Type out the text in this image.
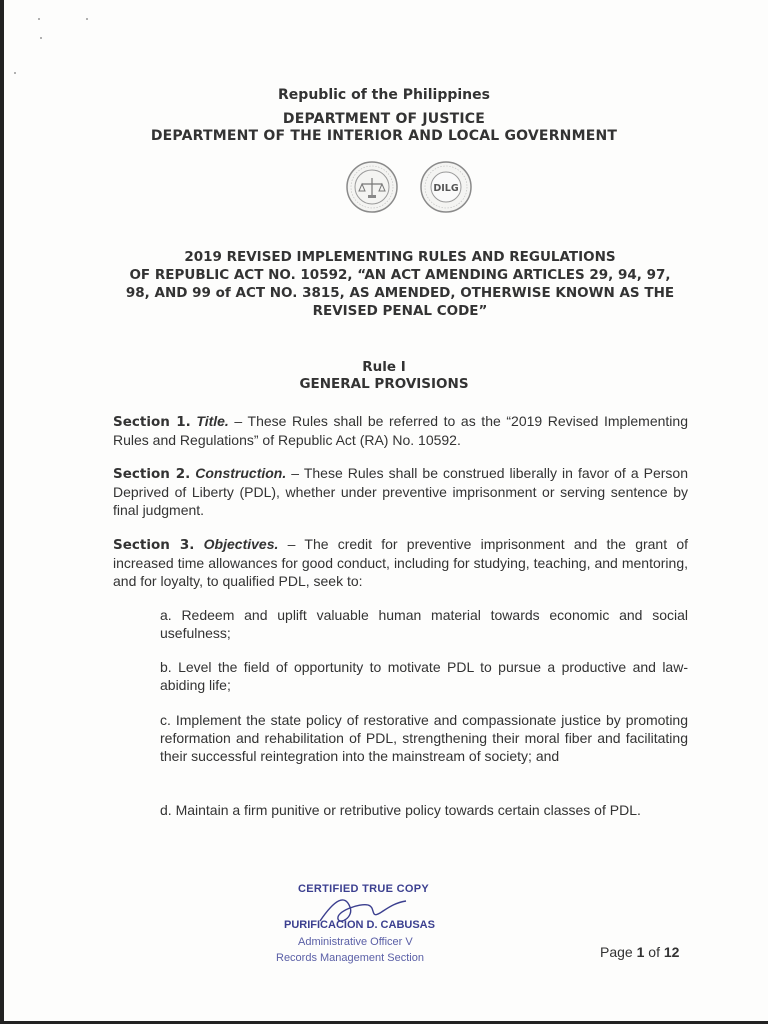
Republic of the Philippines
DEPARTMENT OF JUSTICE
DEPARTMENT OF THE INTERIOR AND LOCAL GOVERNMENT
DILG
2019 REVISED IMPLEMENTING RULES AND REGULATIONS
OF REPUBLIC ACT NO. 10592, “AN ACT AMENDING ARTICLES 29, 94, 97,
98, AND 99 of ACT NO. 3815, AS AMENDED, OTHERWISE KNOWN AS THE
REVISED PENAL CODE”
Rule I
GENERAL PROVISIONS
Section 1. Title. – These Rules shall be referred to as the “2019 Revised Implementing Rules and Regulations” of Republic Act (RA) No. 10592.
Section 2. Construction. – These Rules shall be construed liberally in favor of a Person Deprived of Liberty (PDL), whether under preventive imprisonment or serving sentence by final judgment.
Section 3. Objectives. – The credit for preventive imprisonment and the grant of increased time allowances for good conduct, including for studying, teaching, and mentoring, and for loyalty, to qualified PDL, seek to:
a. Redeem and uplift valuable human material towards economic and social usefulness;
b. Level the field of opportunity to motivate PDL to pursue a productive and law-abiding life;
c. Implement the state policy of restorative and compassionate justice by promoting reformation and rehabilitation of PDL, strengthening their moral fiber and facilitating their successful reintegration into the mainstream of society; and
d. Maintain a firm punitive or retributive policy towards certain classes of PDL.
CERTIFIED TRUE COPY
PURIFICACION D. CABUSAS
Administrative Officer V
Records Management Section	Page 1 of 12
